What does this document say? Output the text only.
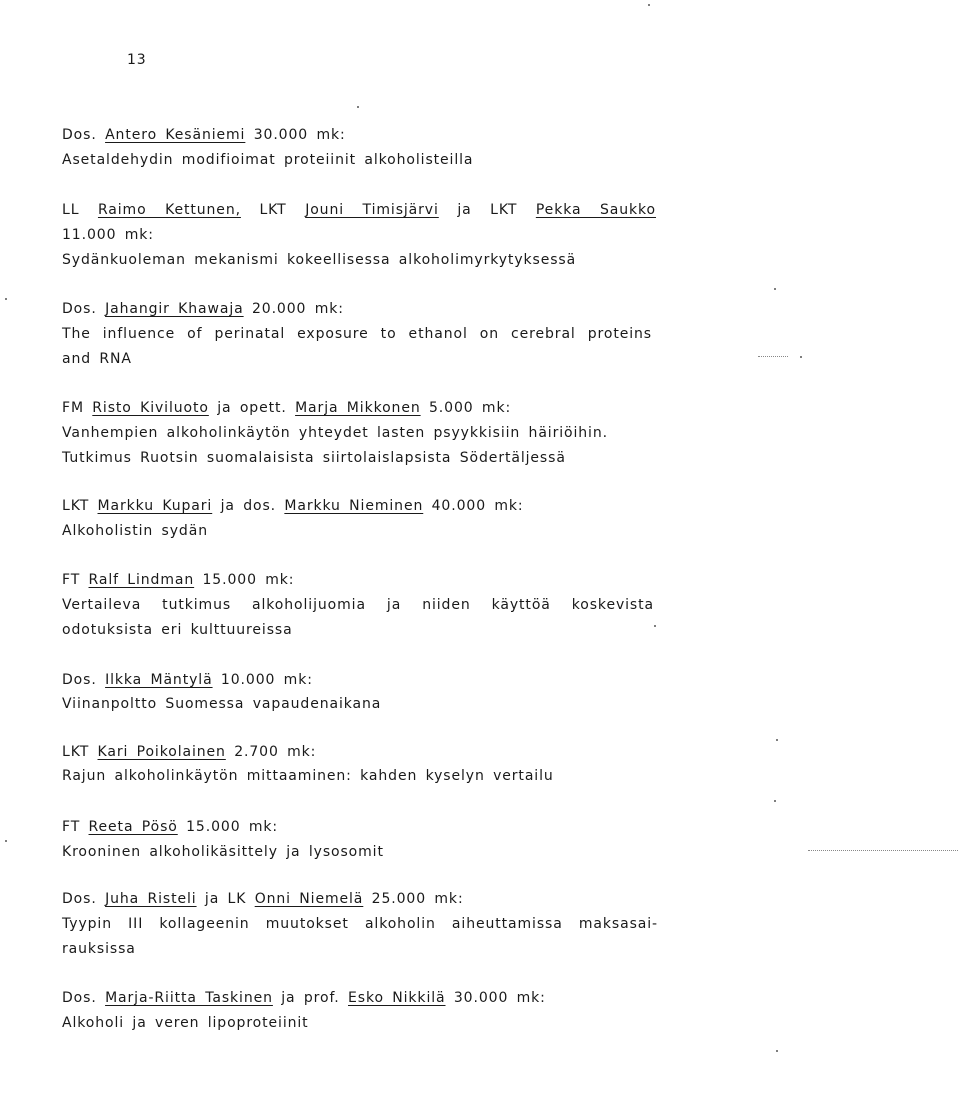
13
Dos. Antero Kesäniemi 30.000 mk:
Asetaldehydin modifioimat proteiinit alkoholisteilla
LL Raimo Kettunen, LKT Jouni Timisjärvi ja LKT Pekka Saukko
11.000 mk:
Sydänkuoleman mekanismi kokeellisessa alkoholimyrkytyksessä
Dos. Jahangir Khawaja 20.000 mk:
The influence of perinatal exposure to ethanol on cerebral proteins
and RNA
FM Risto Kiviluoto ja opett. Marja Mikkonen 5.000 mk:
Vanhempien alkoholinkäytön yhteydet lasten psyykkisiin häiriöihin.
Tutkimus Ruotsin suomalaisista siirtolaislapsista Södertäljessä
LKT Markku Kupari ja dos. Markku Nieminen 40.000 mk:
Alkoholistin sydän
FT Ralf Lindman 15.000 mk:
Vertaileva tutkimus alkoholijuomia ja niiden käyttöä koskevista
odotuksista eri kulttuureissa
Dos. Ilkka Mäntylä 10.000 mk:
Viinanpoltto Suomessa vapaudenaikana
LKT Kari Poikolainen 2.700 mk:
Rajun alkoholinkäytön mittaaminen: kahden kyselyn vertailu
FT Reeta Pösö 15.000 mk:
Krooninen alkoholikäsittely ja lysosomit
Dos. Juha Risteli ja LK Onni Niemelä 25.000 mk:
Tyypin III kollageenin muutokset alkoholin aiheuttamissa maksasai-
rauksissa
Dos. Marja-Riitta Taskinen ja prof. Esko Nikkilä 30.000 mk:
Alkoholi ja veren lipoproteiinit
